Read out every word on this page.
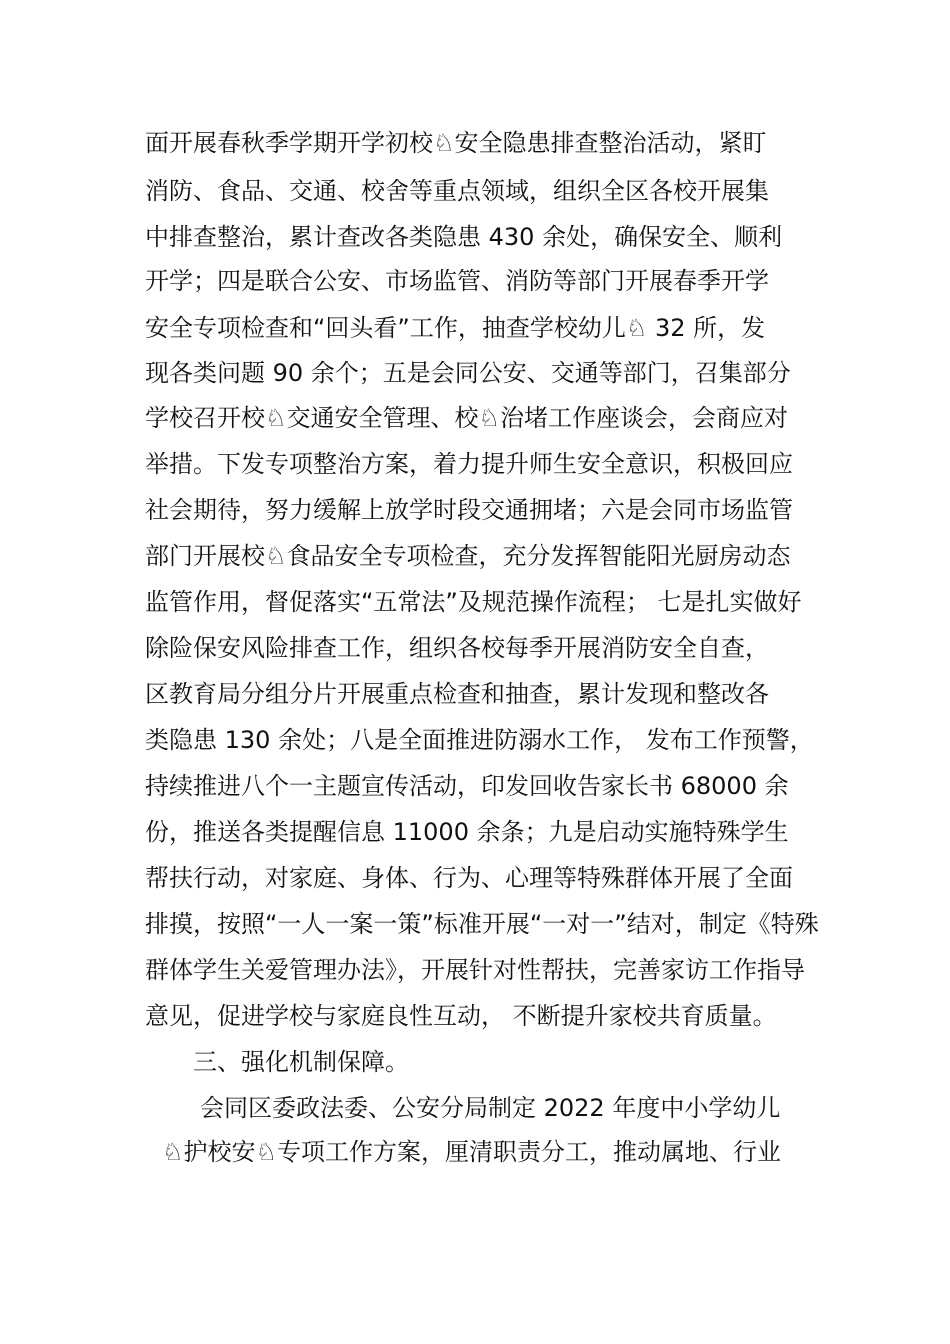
面开展春秋季学期开学初校♘安全隐患排查整治活动，紧盯
消防、食品、交通、校舍等重点领域，组织全区各校开展集
中排查整治，累计查改各类隐患 430 余处，确保安全、顺利
开学；四是联合公安、市场监管、消防等部门开展春季开学
安全专项检查和“回头看”工作，抽查学校幼儿♘ 32 所，发
现各类问题 90 余个；五是会同公安、交通等部门，召集部分
学校召开校♘交通安全管理、校♘治堵工作座谈会，会商应对
举措。下发专项整治方案，着力提升师生安全意识，积极回应
社会期待，努力缓解上放学时段交通拥堵；六是会同市场监管
部门开展校♘食品安全专项检查，充分发挥智能阳光厨房动态
监管作用，督促落实“五常法”及规范操作流程； 七是扎实做好
除险保安风险排查工作，组织各校每季开展消防安全自查，
区教育局分组分片开展重点检查和抽查，累计发现和整改各
类隐患 130 余处；八是全面推进防溺水工作， 发布工作预警，
持续推进八个一主题宣传活动，印发回收告家长书 68000 余
份，推送各类提醒信息 11000 余条；九是启动实施特殊学生
帮扶行动，对家庭、身体、行为、心理等特殊群体开展了全面
排摸，按照“一人一案一策”标准开展“一对一”结对，制定《特殊
群体学生关爱管理办法》，开展针对性帮扶，完善家访工作指导
意见，促进学校与家庭良性互动， 不断提升家校共育质量。
三、强化机制保障。
会同区委政法委、公安分局制定 2022 年度中小学幼儿
♘护校安♘专项工作方案，厘清职责分工，推动属地、行业
